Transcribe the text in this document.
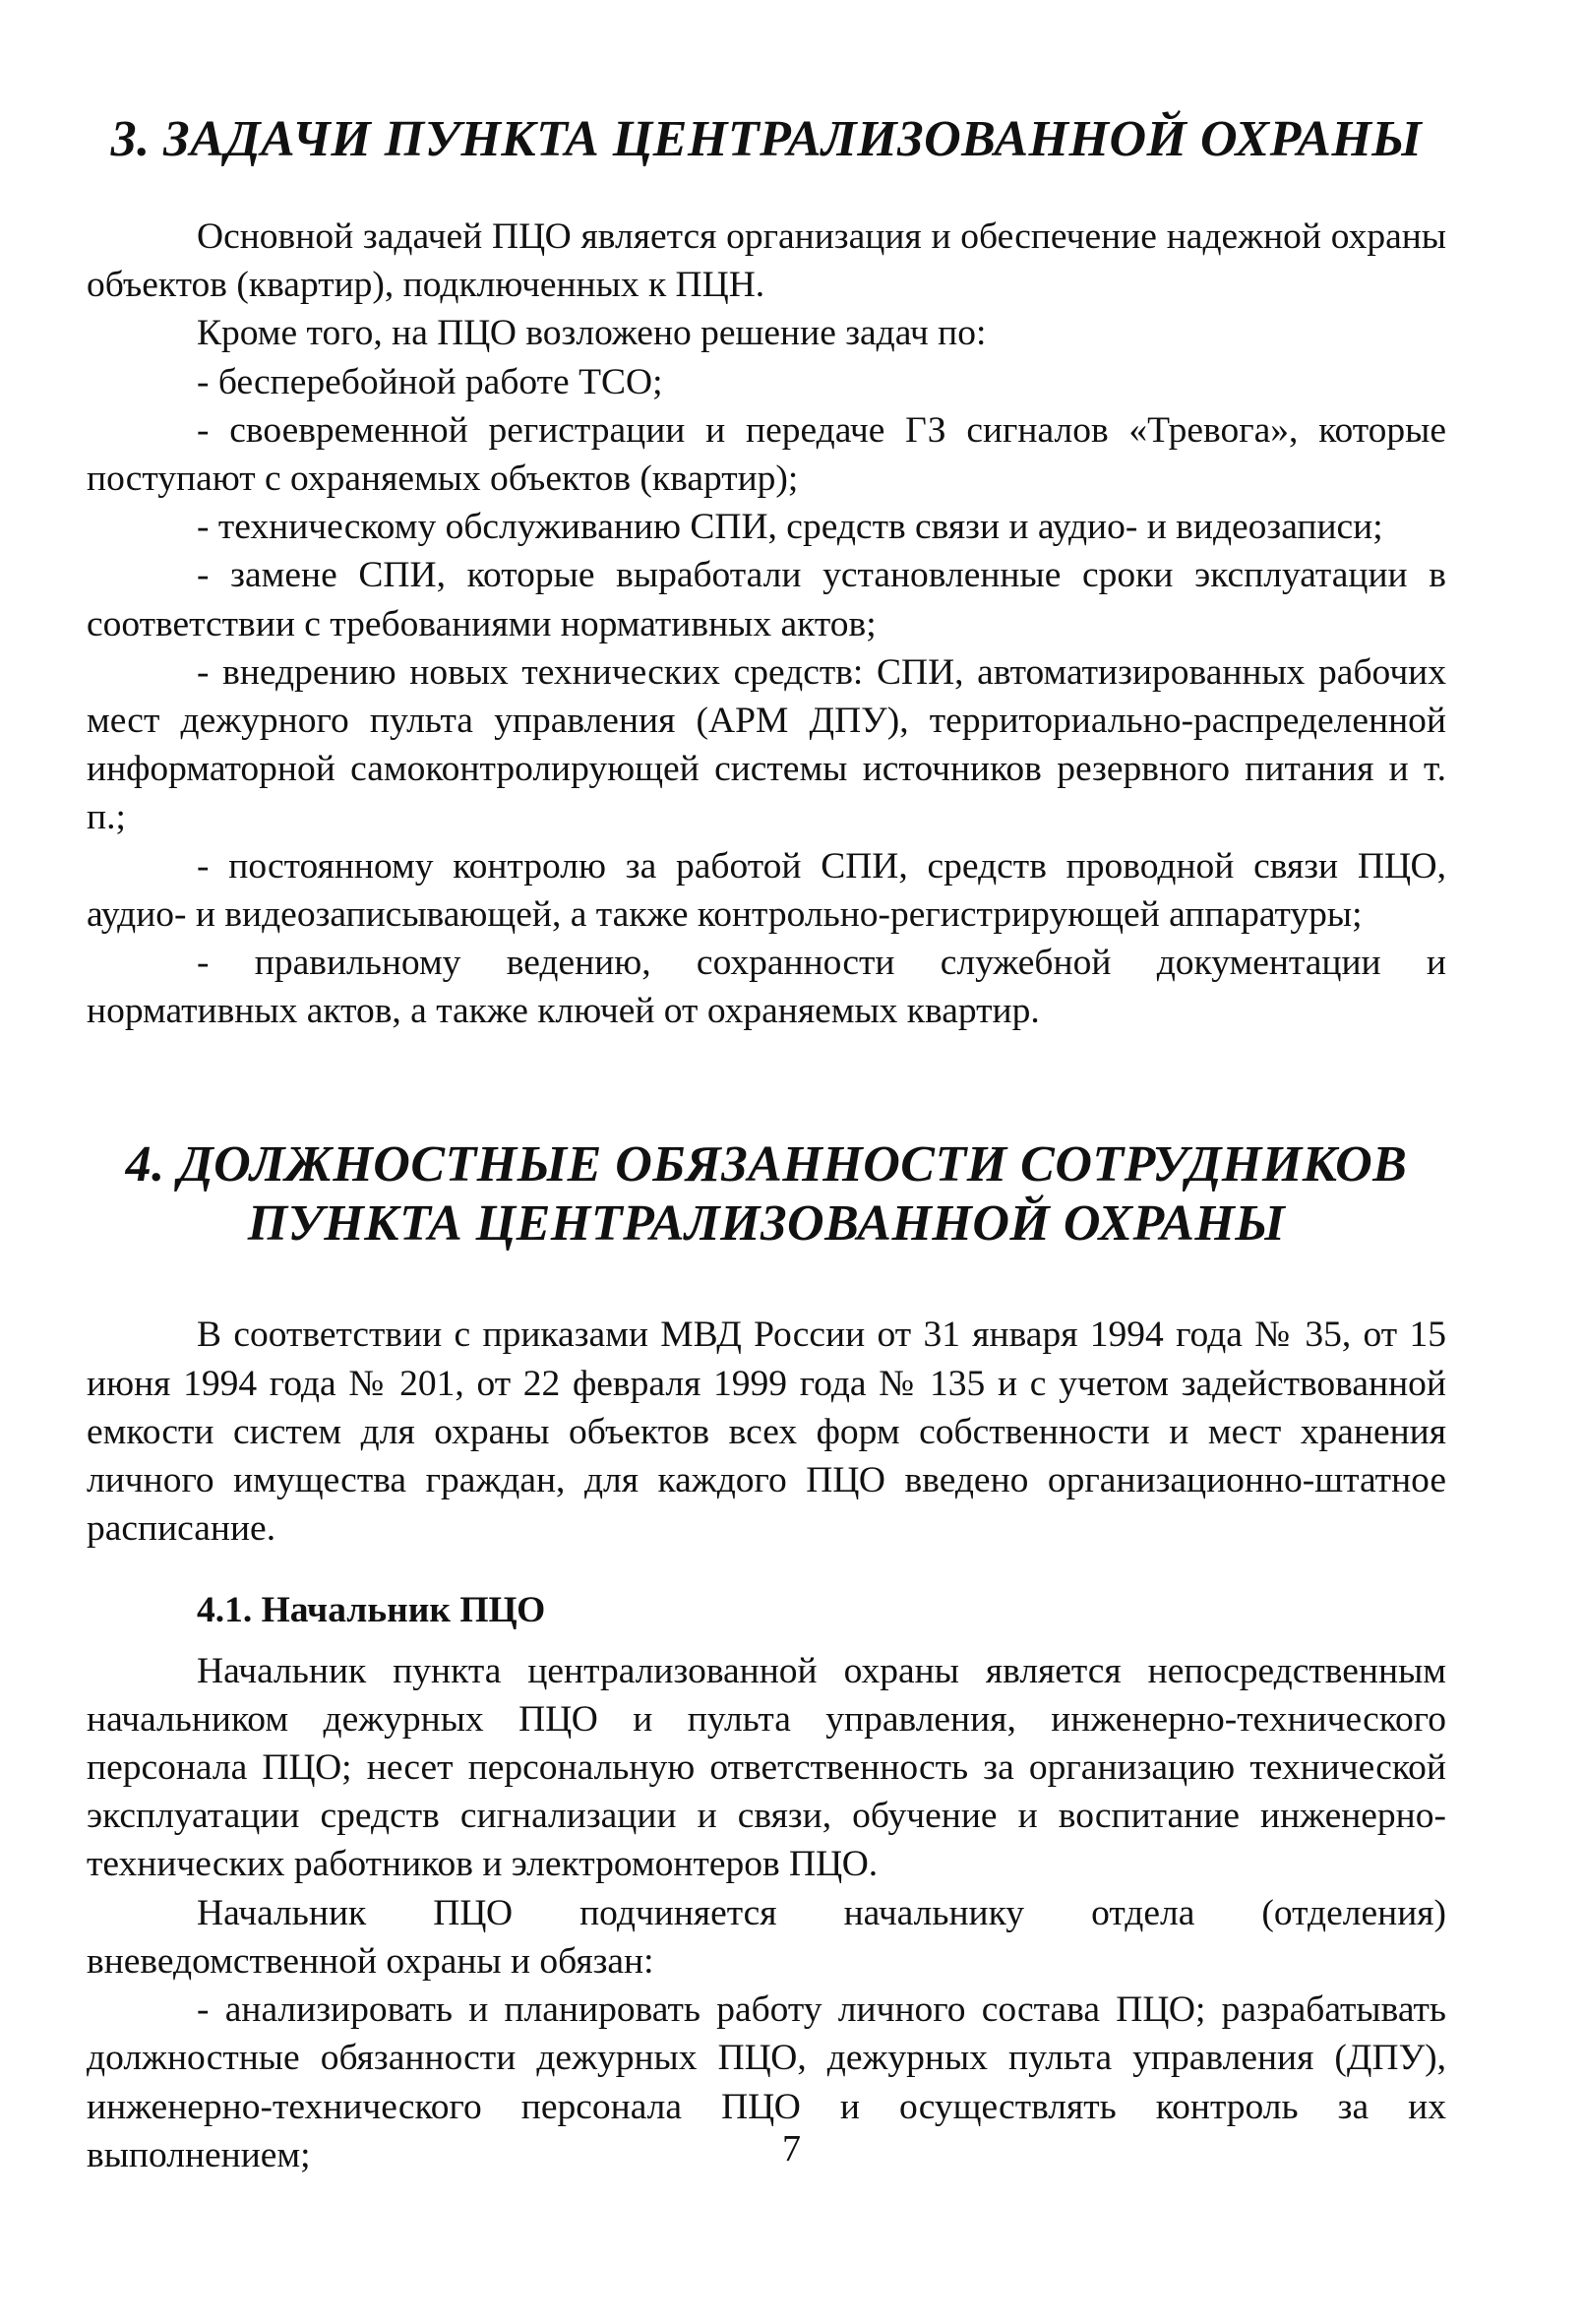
3. ЗАДАЧИ ПУНКТА ЦЕНТРАЛИЗОВАННОЙ ОХРАНЫ

Основной задачей ПЦО является организация и обеспечение надежной охраны объектов (квартир), подключенных к ПЦН.

Кроме того, на ПЦО возложено решение задач по:

- бесперебойной работе ТСО;

- своевременной регистрации и передаче ГЗ сигналов «Тревога», которые поступают с охраняемых объектов (квартир);

- техническому обслуживанию СПИ, средств связи и аудио- и видеозаписи;

- замене СПИ, которые выработали установленные сроки эксплуатации в соответствии с требованиями нормативных актов;

- внедрению новых технических средств: СПИ, автоматизированных рабочих мест дежурного пульта управления (АРМ ДПУ), территориально-распределенной информаторной самоконтролирующей системы источников резервного питания и т. п.;

- постоянному контролю за работой СПИ, средств проводной связи ПЦО, аудио- и видеозаписывающей, а также контрольно-регистрирующей аппаратуры;

- правильному ведению, сохранности служебной документации и нормативных актов, а также ключей от охраняемых квартир.

4. ДОЛЖНОСТНЫЕ ОБЯЗАННОСТИ СОТРУДНИКОВ
ПУНКТА ЦЕНТРАЛИЗОВАННОЙ ОХРАНЫ

В соответствии с приказами МВД России от 31 января 1994 года № 35, от 15 июня 1994 года № 201, от 22 февраля 1999 года № 135 и с учетом задействованной емкости систем для охраны объектов всех форм собственности и мест хранения личного имущества граждан, для каждого ПЦО введено организационно-штатное расписание.

4.1. Начальник ПЦО

Начальник пункта централизованной охраны является непосредственным начальником дежурных ПЦО и пульта управления, инженерно-технического персонала ПЦО; несет персональную ответственность за организацию технической эксплуатации средств сигнализации и связи, обучение и воспитание инженерно-технических работников и электромонтеров ПЦО.

Начальник ПЦО подчиняется начальнику отдела (отделения) вневедомственной охраны и обязан:

- анализировать и планировать работу личного состава ПЦО; разрабатывать должностные обязанности дежурных ПЦО, дежурных пульта управления (ДПУ), инженерно-технического персонала ПЦО и осуществлять контроль за их выполнением;	7
